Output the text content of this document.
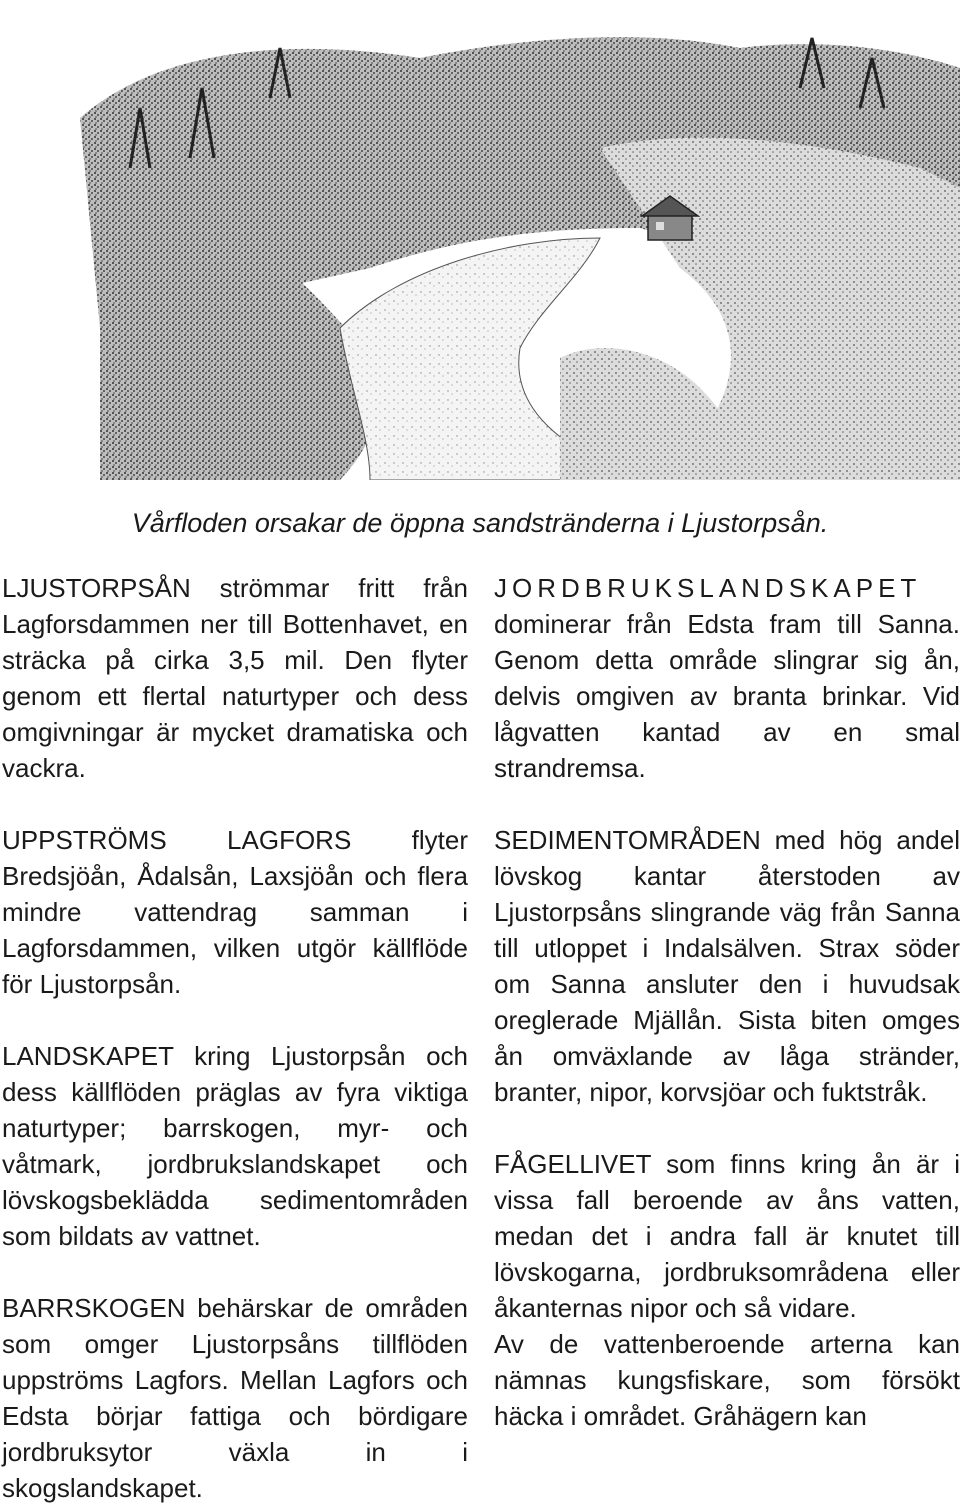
Vårfloden orsakar de öppna sandstränderna i Ljustorpsån.

LJUSTORPSÅN strömmar fritt från Lagforsdammen ner till Bottenhavet, en sträcka på cirka 3,5 mil. Den flyter genom ett flertal naturtyper och dess omgivningar är mycket dramatiska och vackra.

UPPSTRÖMS LAGFORS flyter Bredsjöån, Ådalsån, Laxsjöån och flera mindre vattendrag samman i Lagforsdammen, vilken utgör källflöde för Ljustorpsån.

LANDSKAPET kring Ljustorpsån och dess källflöden präglas av fyra viktiga naturtyper; barrskogen, myr- och våtmark, jordbrukslandskapet och lövskogsbeklädda sedimentområden som bildats av vattnet.

BARRSKOGEN behärskar de områden som omger Ljustorpsåns tillflöden uppströms Lagfors. Mellan Lagfors och Edsta börjar fattiga och bördigare jordbruksytor växla in i skogslandskapet.

JORDBRUKSLANDSKAPET dominerar från Edsta fram till Sanna. Genom detta område slingrar sig ån, delvis omgiven av branta brinkar. Vid lågvatten kantad av en smal strandremsa.

SEDIMENTOMRÅDEN med hög andel lövskog kantar återstoden av Ljustorpsåns slingrande väg från Sanna till utloppet i Indalsälven. Strax söder om Sanna ansluter den i huvudsak oreglerade Mjällån. Sista biten omges ån omväxlande av låga stränder, branter, nipor, korvsjöar och fuktstråk.

FÅGELLIVET som finns kring ån är i vissa fall beroende av åns vatten, medan det i andra fall är knutet till lövskogarna, jordbruksområdena eller åkanternas nipor och så vidare.

Av de vattenberoende arterna kan nämnas kungsfiskare, som försökt häcka i området. Gråhägern kan
